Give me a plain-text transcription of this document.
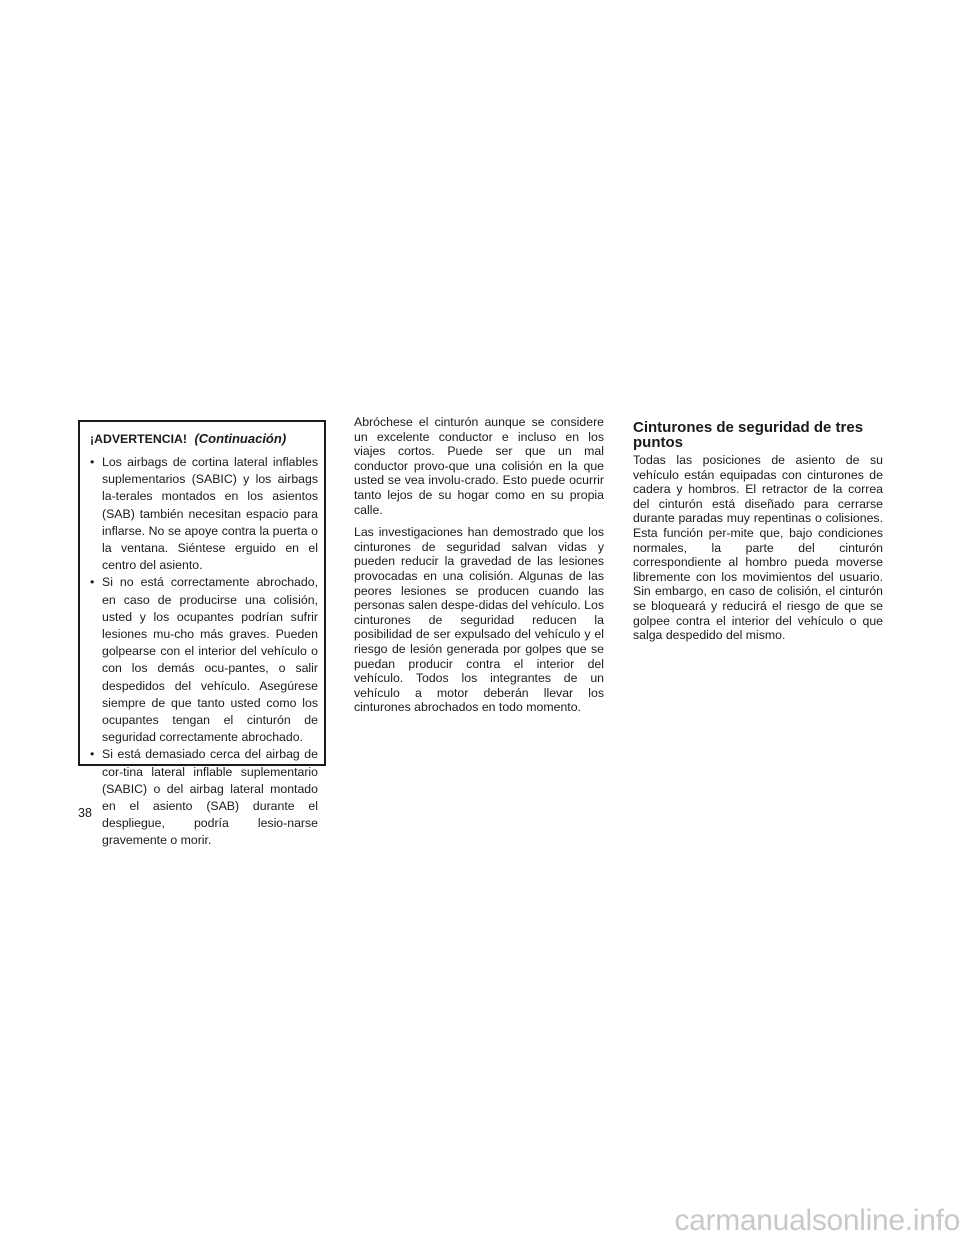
¡ADVERTENCIA! (Continuación)
• Los airbags de cortina lateral inflables suplementarios (SABIC) y los airbags la-terales montados en los asientos (SAB) también necesitan espacio para inflarse. No se apoye contra la puerta o la ventana. Siéntese erguido en el centro del asiento.
• Si no está correctamente abrochado, en caso de producirse una colisión, usted y los ocupantes podrían sufrir lesiones mu-cho más graves. Pueden golpearse con el interior del vehículo o con los demás ocu-pantes, o salir despedidos del vehículo. Asegúrese siempre de que tanto usted como los ocupantes tengan el cinturón de seguridad correctamente abrochado.
• Si está demasiado cerca del airbag de cor-tina lateral inflable suplementario (SABIC) o del airbag lateral montado en el asiento (SAB) durante el despliegue, podría lesio-narse gravemente o morir.

Abróchese el cinturón aunque se considere un excelente conductor e incluso en los viajes cortos. Puede ser que un mal conductor provo-que una colisión en la que usted se vea involu-crado. Esto puede ocurrir tanto lejos de su hogar como en su propia calle.

Las investigaciones han demostrado que los cinturones de seguridad salvan vidas y pueden reducir la gravedad de las lesiones provocadas en una colisión. Algunas de las peores lesiones se producen cuando las personas salen despe-didas del vehículo. Los cinturones de seguridad reducen la posibilidad de ser expulsado del vehículo y el riesgo de lesión generada por golpes que se puedan producir contra el interior del vehículo. Todos los integrantes de un vehículo a motor deberán llevar los cinturones abrochados en todo momento.

Cinturones de seguridad de tres puntos

Todas las posiciones de asiento de su vehículo están equipadas con cinturones de cadera y hombros. El retractor de la correa del cinturón está diseñado para cerrarse durante paradas muy repentinas o colisiones. Esta función per-mite que, bajo condiciones normales, la parte del cinturón correspondiente al hombro pueda moverse libremente con los movimientos del usuario. Sin embargo, en caso de colisión, el cinturón se bloqueará y reducirá el riesgo de que se golpee contra el interior del vehículo o que salga despedido del mismo.

38
carmanualsonline.info
